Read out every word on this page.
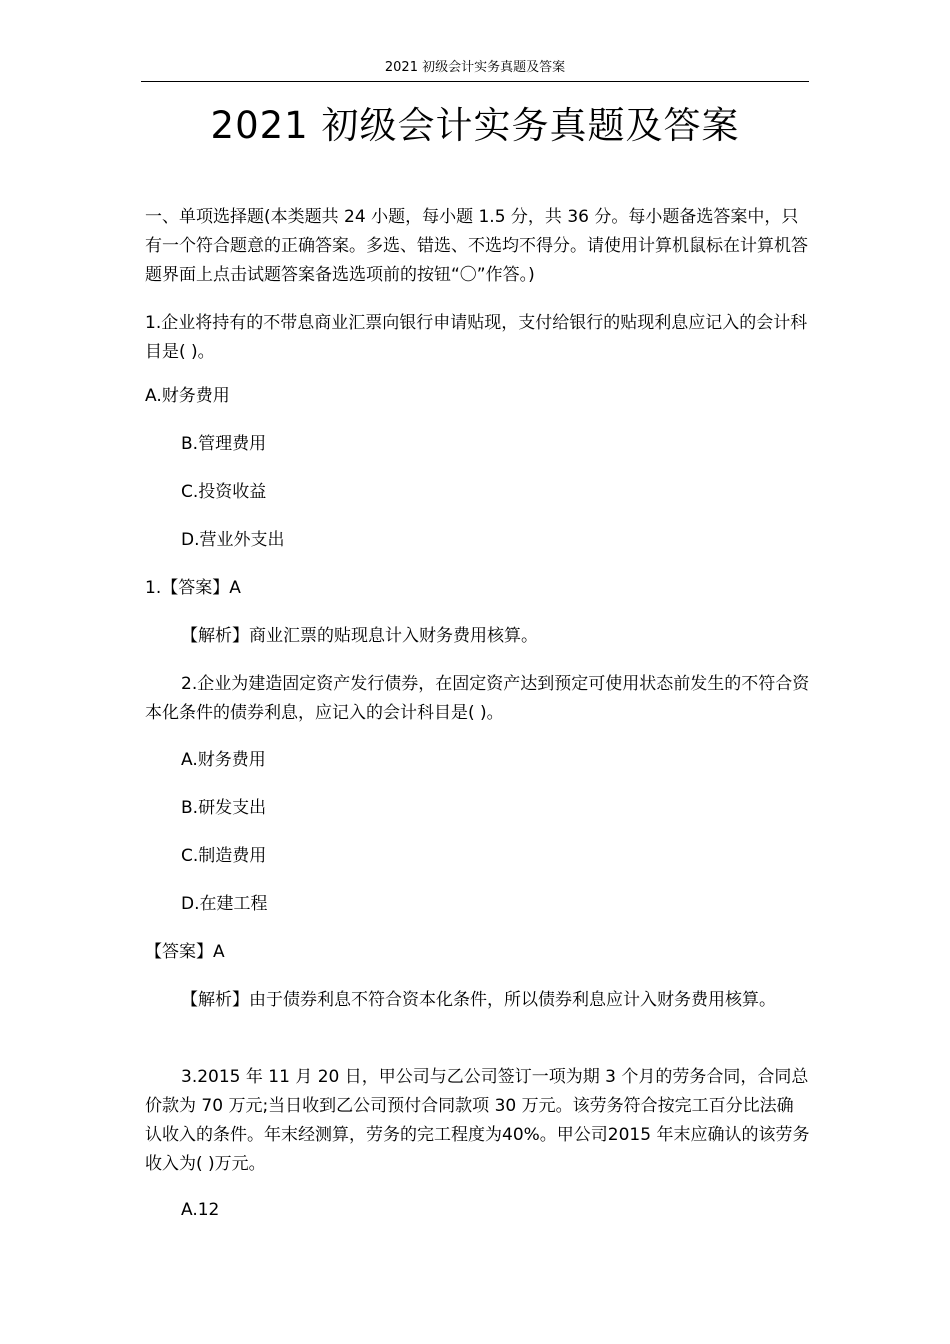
2021 初级会计实务真题及答案
2021 初级会计实务真题及答案

一、单项选择题(本类题共 24 小题，每小题 1.5 分，共 36 分。每小题备选答案中，只有一个符合题意的正确答案。多选、错选、不选均不得分。请使用计算机鼠标在计算机答题界面上点击试题答案备选选项前的按钮“〇”作答。)

1.企业将持有的不带息商业汇票向银行申请贴现，支付给银行的贴现利息应记入的会计科目是( )。

A.财务费用

B.管理费用

C.投资收益

D.营业外支出

1.【答案】A

【解析】商业汇票的贴现息计入财务费用核算。

2.企业为建造固定资产发行债券，在固定资产达到预定可使用状态前发生的不符合资本化条件的债券利息，应记入的会计科目是( )。

A.财务费用

B.研发支出

C.制造费用

D.在建工程

【答案】A

【解析】由于债券利息不符合资本化条件，所以债券利息应计入财务费用核算。

3.2015 年 11 月 20 日，甲公司与乙公司签订一项为期 3 个月的劳务合同，合同总价款为 70 万元;当日收到乙公司预付合同款项 30 万元。该劳务符合按完工百分比法确认收入的条件。年末经测算，劳务的完工程度为40%。甲公司2015 年末应确认的该劳务收入为( )万元。

A.12
